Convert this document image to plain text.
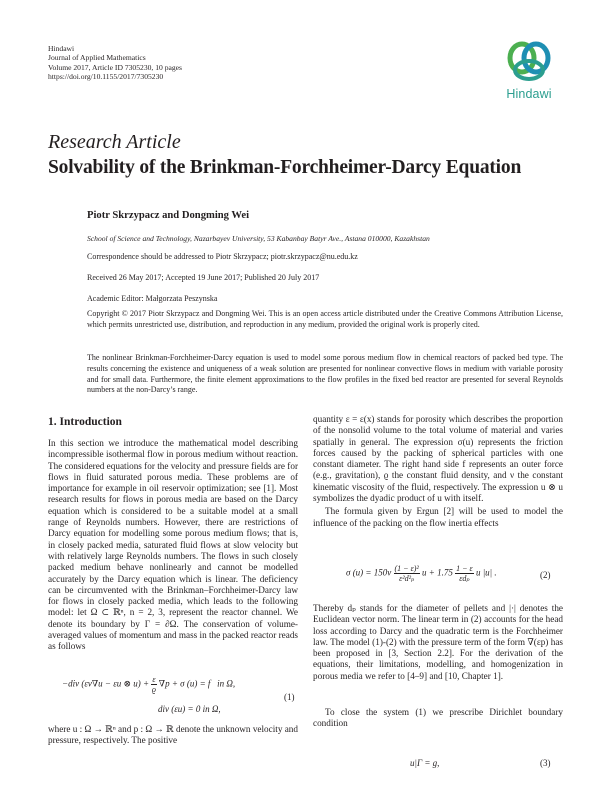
Hindawi
Journal of Applied Mathematics
Volume 2017, Article ID 7305230, 10 pages
https://doi.org/10.1155/2017/7305230
Hindawi
Research Article
Solvability of the Brinkman-Forchheimer-Darcy Equation
Piotr Skrzypacz and Dongming Wei
School of Science and Technology, Nazarbayev University, 53 Kabanbay Batyr Ave., Astana 010000, Kazakhstan
Correspondence should be addressed to Piotr Skrzypacz; piotr.skrzypacz@nu.edu.kz
Received 26 May 2017; Accepted 19 June 2017; Published 20 July 2017
Academic Editor: Małgorzata Peszynska
Copyright © 2017 Piotr Skrzypacz and Dongming Wei. This is an open access article distributed under the Creative Commons Attribution License, which permits unrestricted use, distribution, and reproduction in any medium, provided the original work is properly cited.
The nonlinear Brinkman-Forchheimer-Darcy equation is used to model some porous medium flow in chemical reactors of packed bed type. The results concerning the existence and uniqueness of a weak solution are presented for nonlinear convective flows in medium with variable porosity and for small data. Furthermore, the finite element approximations to the flow profiles in the fixed bed reactor are presented for several Reynolds numbers at the non-Darcy’s range.
1. Introduction

In this section we introduce the mathematical model describing incompressible isothermal flow in porous medium without reaction. The considered equations for the velocity and pressure fields are for flows in fluid saturated porous media. These problems are of importance for example in oil reservoir optimization; see [1]. Most research results for flows in porous media are based on the Darcy equation which is considered to be a suitable model at a small range of Reynolds numbers. However, there are restrictions of Darcy equation for modelling some porous medium flows; that is, in closely packed media, saturated fluid flows at slow velocity but with relatively large Reynolds numbers. The flows in such closely packed medium behave nonlinearly and cannot be modelled accurately by the Darcy equation which is linear. The deficiency can be circumvented with the Brinkman–Forchheimer-Darcy law for flows in closely packed media, which leads to the following model: let Ω ⊂ ℝⁿ, n = 2, 3, represent the reactor channel. We denote its boundary by Γ = ∂Ω. The conservation of volume-averaged values of momentum and mass in the packed reactor reads as follows

−div (εν∇u − εu ⊗ $u) + \frac{\varepsilon}{ϱ} \nabla p + \sigma$ (u) = f   in Ω,
div (εu) = 0 in Ω,
(1)
where u : Ω → ℝⁿ and p : Ω → ℝ denote the unknown velocity and pressure, respectively. The positive

quantity ε = ε(x) stands for porosity which describes the proportion of the nonsolid volume to the total volume of material and varies spatially in general. The expression σ(u) represents the friction forces caused by the packing of spherical particles with one constant diameter. The right hand side f represents an outer force (e.g., gravitation), ϱ the constant fluid density, and ν the constant kinematic viscosity of the fluid, respectively. The expression u ⊗ u symbolizes the dyadic product of u with itself.

The formula given by Ergun [2] will be used to model the influence of the packing on the flow inertia effects

σ $(u) = 150\nu \frac{\text{(1 − ε)²}}{\text{ε²d²ₚ}}$ $u + 1.75 \frac{1 - \varepsilon}{\text{εdₚ}}$ u |u| .	(2)
Thereby dₚ stands for the diameter of pellets and |·| denotes the Euclidean vector norm. The linear term in (2) accounts for the head loss according to Darcy and the quadratic term is the Forchheimer law. The model (1)-(2) with the pressure term of the form ∇(εp) has been proposed in [3, Section 2.2]. For the derivation of the equations, their limitations, modelling, and homogenization in porous media we refer to [4–9] and [10, Chapter 1].
To close the system (1) we prescribe Dirichlet boundary condition
u|Γ = g,	(3)
